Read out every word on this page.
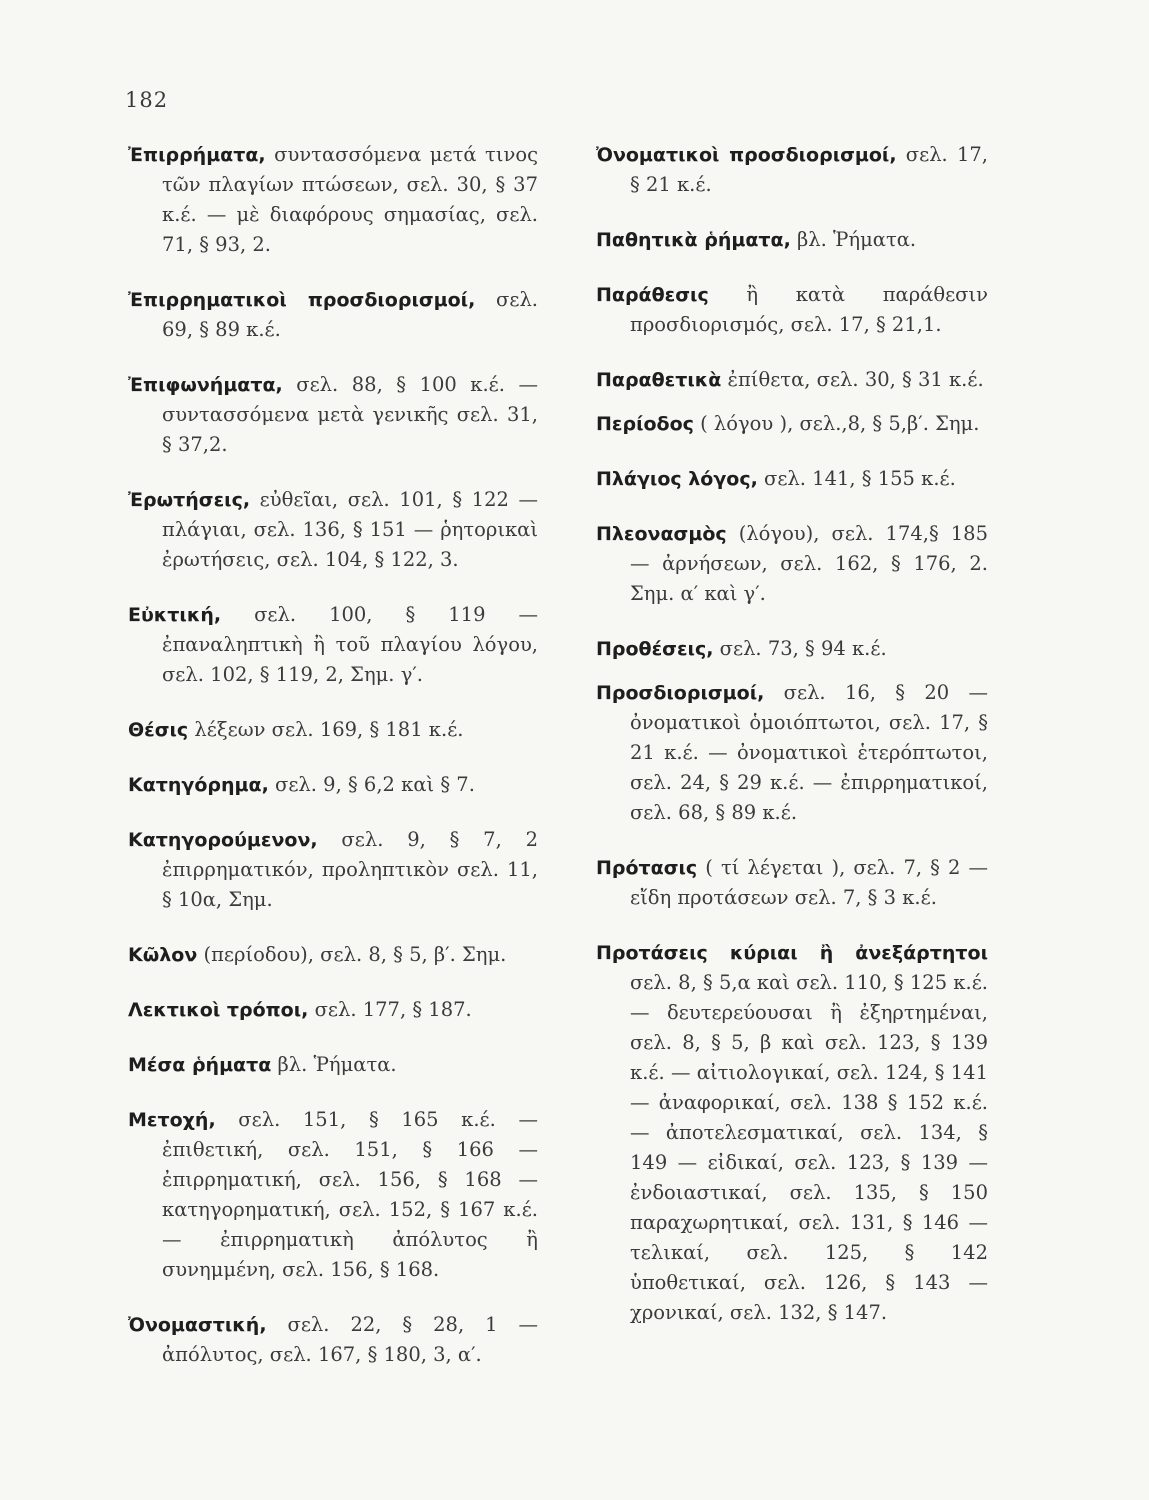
182

Ἐπιρρήματα, συντασσόμενα μετά τινος τῶν πλαγίων πτώσεων, σελ. 30, § 37 κ.έ. — μὲ διαφόρους σημασίας, σελ. 71, § 93, 2.

Ἐπιρρηματικοὶ προσδιορισμοί, σελ. 69, § 89 κ.έ.

Ἐπιφωνήματα, σελ. 88, § 100 κ.έ. — συντασσόμενα μετὰ γενικῆς σελ. 31, § 37,2.

Ἐρωτήσεις, εὐθεῖαι, σελ. 101, § 122 — πλάγιαι, σελ. 136, § 151 — ῥητορικαὶ ἐρωτήσεις, σελ. 104, § 122, 3.

Εὐκτική, σελ. 100, § 119 — ἐπαναληπτικὴ ἢ τοῦ πλαγίου λόγου, σελ. 102, § 119, 2, Σημ. γ′.

Θέσις λέξεων σελ. 169, § 181 κ.έ.

Κατηγόρημα, σελ. 9, § 6,2 καὶ § 7.

Κατηγορούμενον, σελ. 9, § 7, 2 ἐπιρρηματικόν, προληπτικὸν σελ. 11, § 10α, Σημ.

Κῶλον (περίοδου), σελ. 8, § 5, β′. Σημ.

Λεκτικοὶ τρόποι, σελ. 177, § 187.

Μέσα ῥήματα βλ. Ῥήματα.

Μετοχή, σελ. 151, § 165 κ.έ. — ἐπιθετική, σελ. 151, § 166 — ἐπιρρηματική, σελ. 156, § 168 — κατηγορηματική, σελ. 152, § 167 κ.έ. — ἐπιρρηματικὴ ἀπόλυτος ἢ συνημμένη, σελ. 156, § 168.

Ὀνομαστική, σελ. 22, § 28, 1 — ἀπόλυτος, σελ. 167, § 180, 3, α′.

Ὀνοματικοὶ προσδιορισμοί, σελ. 17, § 21 κ.έ.

Παθητικὰ ῥήματα, βλ. Ῥήματα.

Παράθεσις ἢ κατὰ παράθεσιν προσδιορισμός, σελ. 17, § 21,1.

Παραθετικὰ ἐπίθετα, σελ. 30, § 31 κ.έ.

Περίοδος ( λόγου ), σελ.,8, § 5,β′. Σημ.

Πλάγιος λόγος, σελ. 141, § 155 κ.έ.

Πλεονασμὸς (λόγου), σελ. 174,§ 185 — ἀρνήσεων, σελ. 162, § 176, 2. Σημ. α′ καὶ γ′.

Προθέσεις, σελ. 73, § 94 κ.έ.

Προσδιορισμοί, σελ. 16, § 20 — ὀνοματικοὶ ὁμοιόπτωτοι, σελ. 17, § 21 κ.έ. — ὀνοματικοὶ ἑτερόπτωτοι, σελ. 24, § 29 κ.έ. — ἐπιρρηματικοί, σελ. 68, § 89 κ.έ.

Πρότασις ( τί λέγεται ), σελ. 7, § 2 — εἴδη προτάσεων σελ. 7, § 3 κ.έ.

Προτάσεις κύριαι ἢ ἀνεξάρτητοι σελ. 8, § 5,α καὶ σελ. 110, § 125 κ.έ. — δευτερεύουσαι ἢ ἐξηρτημέναι, σελ. 8, § 5, β καὶ σελ. 123, § 139 κ.έ. — αἰτιολογικαί, σελ. 124, § 141 — ἀναφορικαί, σελ. 138 § 152 κ.έ. — ἀποτελεσματικαί, σελ. 134, § 149 — εἰδικαί, σελ. 123, § 139 — ἐνδοιαστικαί, σελ. 135, § 150 παραχωρητικαί, σελ. 131, § 146 — τελικαί, σελ. 125, § 142 ὑποθετικαί, σελ. 126, § 143 — χρονικαί, σελ. 132, § 147.
